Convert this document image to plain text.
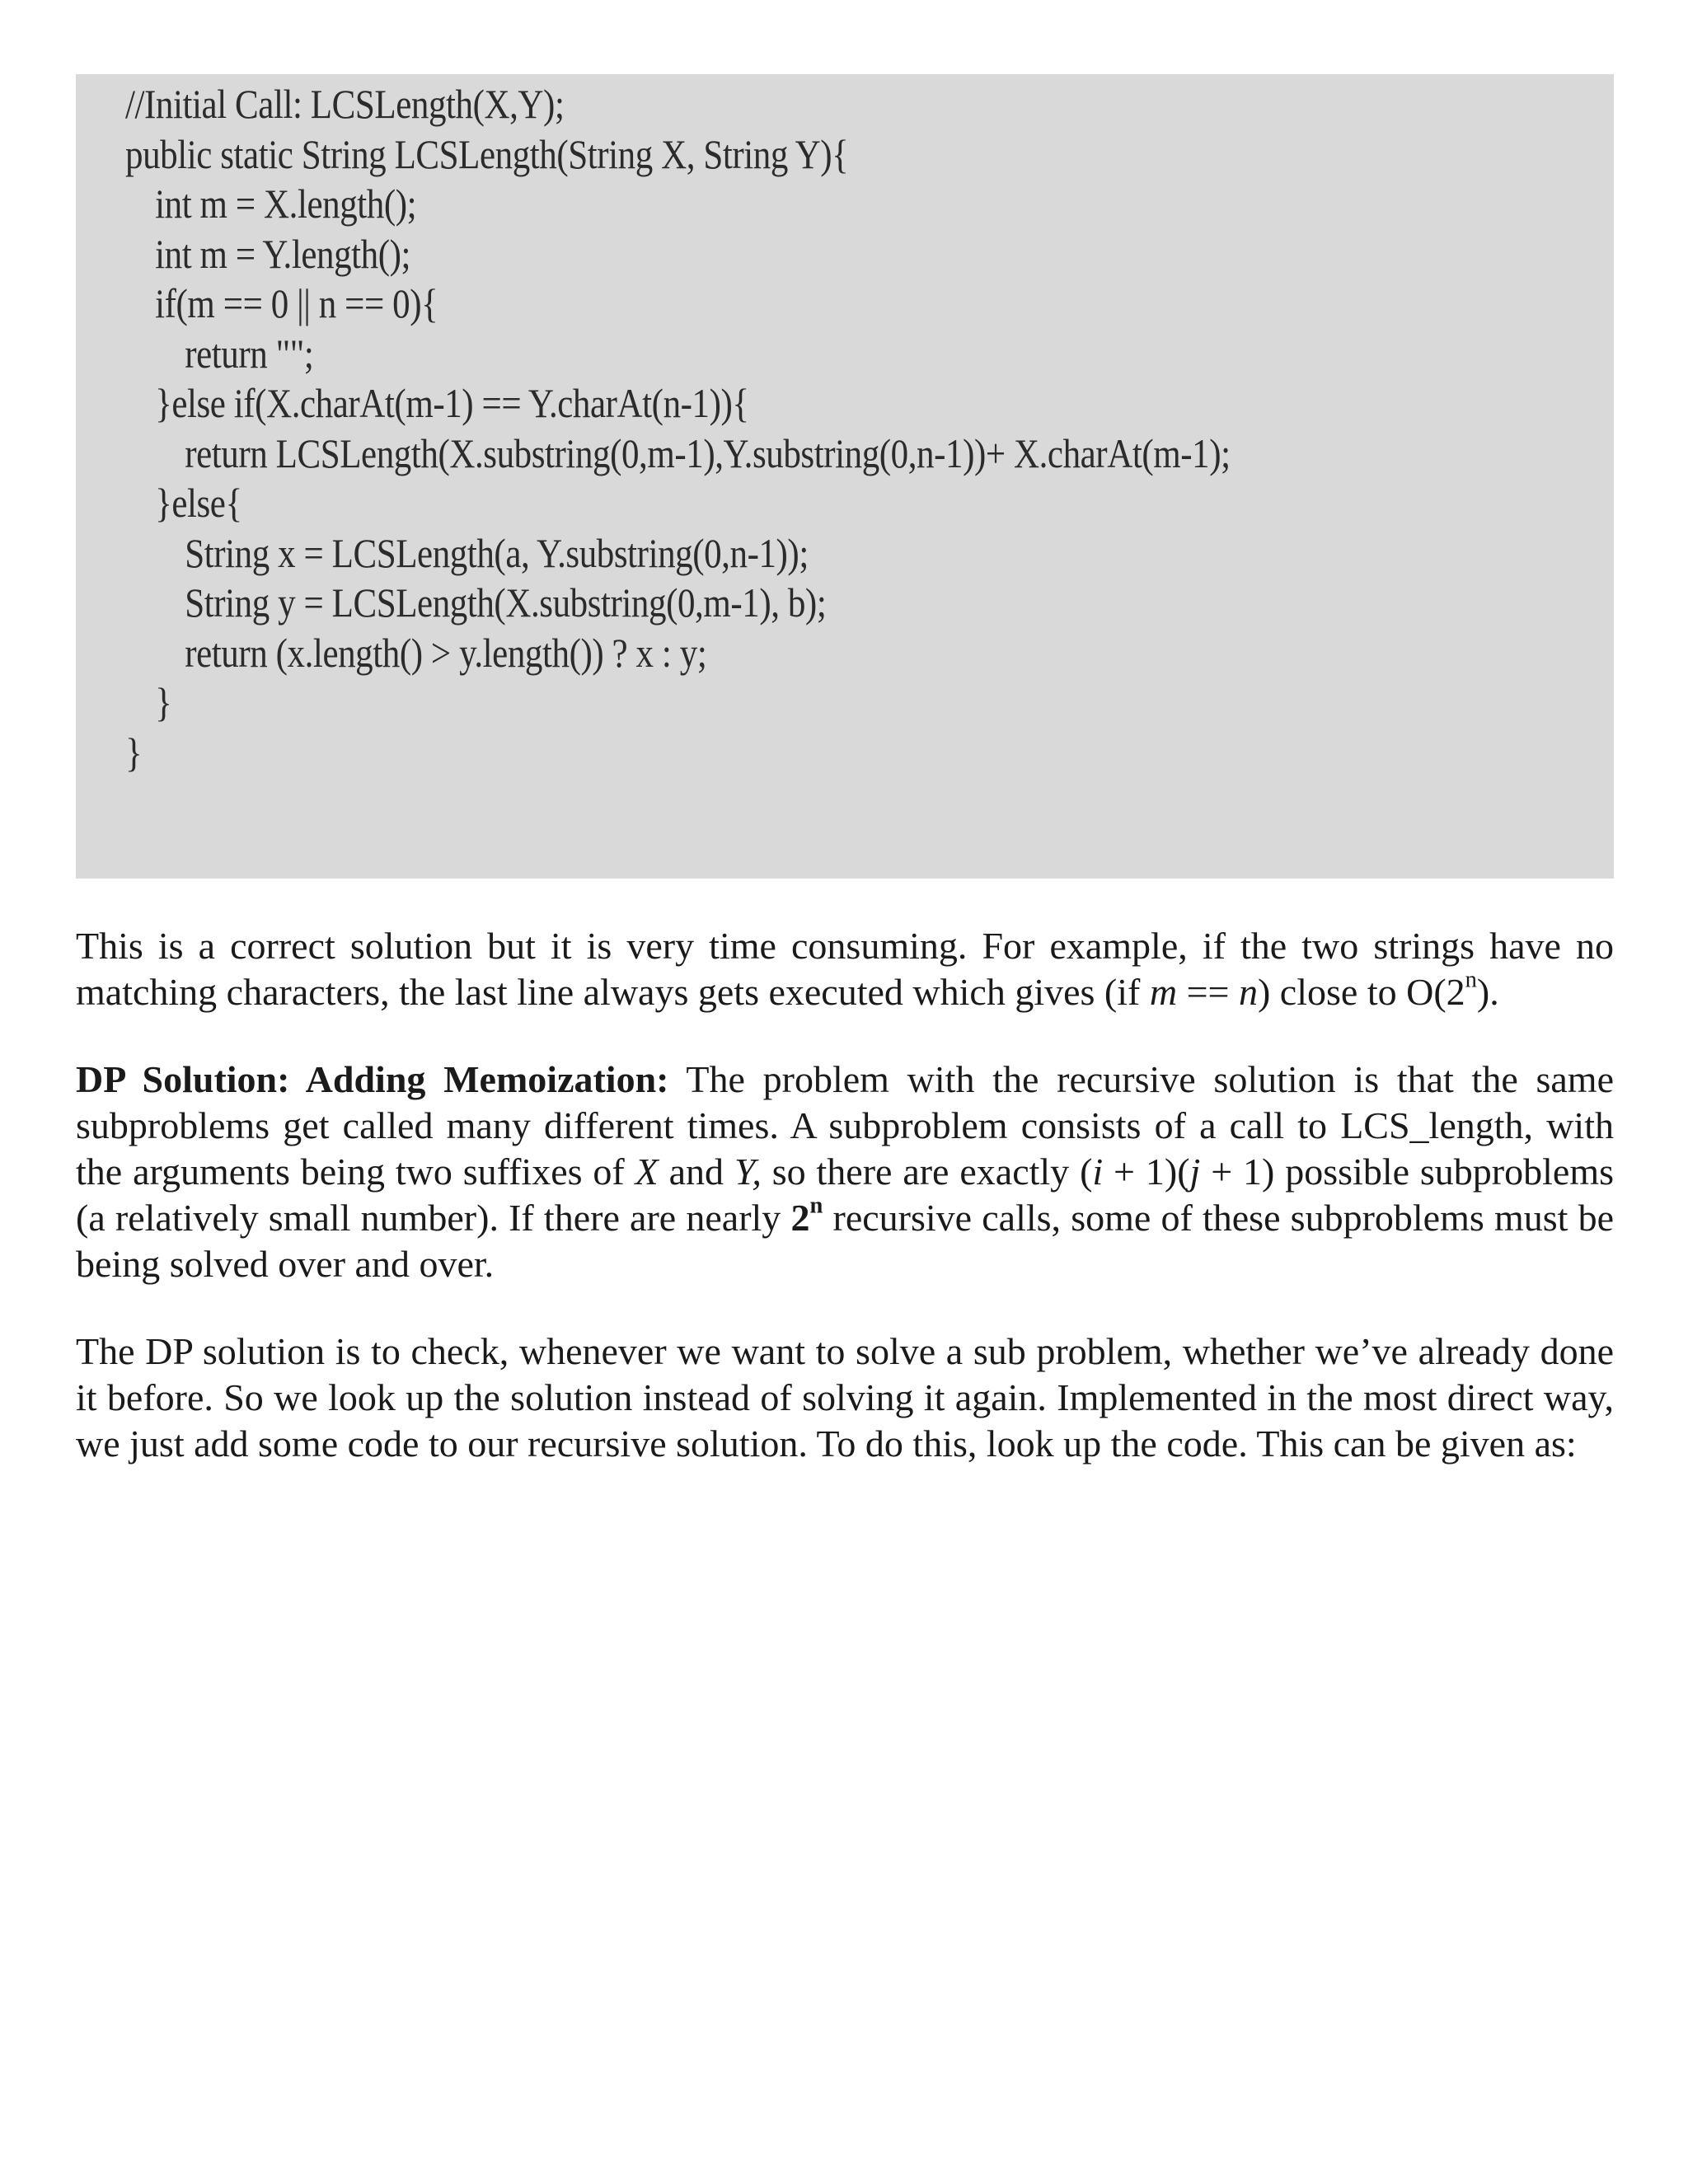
//Initial Call: LCSLength(X,Y);
public static String LCSLength(String X, String Y){
int m = X.length();
int m = Y.length();
if(m == 0 || n == 0){
return "";
}else if(X.charAt(m-1) == Y.charAt(n-1)){
return LCSLength(X.substring(0,m-1),Y.substring(0,n-1))+ X.charAt(m-1);
}else{
String x = LCSLength(a, Y.substring(0,n-1));
String y = LCSLength(X.substring(0,m-1), b);
return (x.length() > y.length()) ? x : y;
}
}

This is a correct solution but it is very time consuming. For example, if the two strings have no matching characters, the last line always gets executed which gives (if m == n) close to O(2$^n$).

DP Solution: Adding Memoization: The problem with the recursive solution is that the same subproblems get called many different times. A subproblem consists of a call to LCS_length, with the arguments being two suffixes of X and Y, so there are exactly (i + 1)(j + 1) possible subproblems (a relatively small number). If there are nearly 2$^n$ recursive calls, some of these subproblems must be being solved over and over.

The DP solution is to check, whenever we want to solve a sub problem, whether we’ve already done it before. So we look up the solution instead of solving it again. Implemented in the most direct way, we just add some code to our recursive solution. To do this, look up the code. This can be given as:
